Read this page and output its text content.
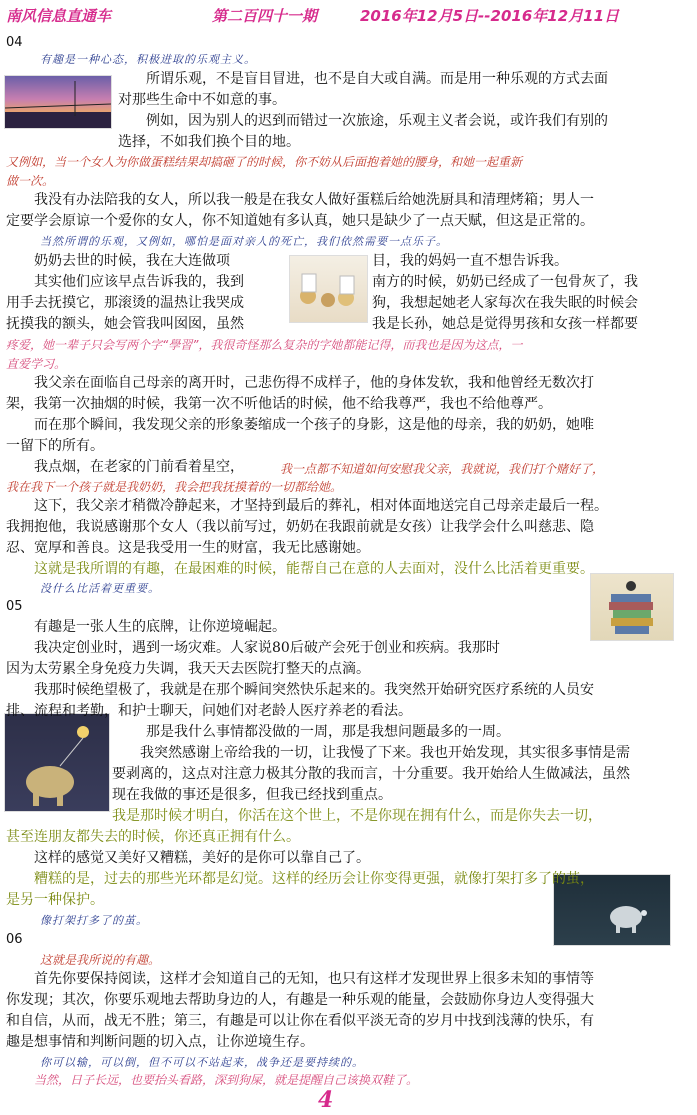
南风信息直通车	第二百四十一期	2016年12月5日--2016年12月11日
04
有趣是一种心态，积极进取的乐观主义。
所谓乐观，不是盲目冒进，也不是自大或自满。而是用一种乐观的方式去面
对那些生命中不如意的事。
例如，因为别人的迟到而错过一次旅途，乐观主义者会说，或许我们有别的
选择，不如我们换个目的地。
又例如，当一个女人为你做蛋糕结果却搞砸了的时候，你不妨从后面抱着她的腰身，和她一起重新
做一次。
我没有办法陪我的女人，所以我一般是在我女人做好蛋糕后给她洗厨具和清理烤箱；男人一
定要学会原谅一个爱你的女人，你不知道她有多认真，她只是缺少了一点天赋，但这是正常的。
当然所谓的乐观，又例如，哪怕是面对亲人的死亡，我们依然需要一点乐子。
奶奶去世的时候，我在大连做项	目，我的妈妈一直不想告诉我。
其实他们应该早点告诉我的，我到	南方的时候，奶奶已经成了一包骨灰了，我
用手去抚摸它，那滚烫的温热让我哭成	狗，我想起她老人家每次在我失眠的时候会
抚摸我的额头，她会管我叫囡囡，虽然	我是长孙，她总是觉得男孩和女孩一样都要
疼爱，她一辈子只会写两个字“學習”，我很奇怪那么复杂的字她都能记得，而我也是因为这点，一
直爱学习。
我父亲在面临自己母亲的离开时，己悲伤得不成样子，他的身体发软，我和他曾经无数次打
架，我第一次抽烟的时候，我第一次不听他话的时候，他不给我尊严，我也不给他尊严。
而在那个瞬间，我发现父亲的形象萎缩成一个孩子的身影，这是他的母亲，我的奶奶，她唯
一留下的所有。
我点烟，在老家的门前看着星空，	我一点都不知道如何安慰我父亲，我就说，我们打个赌好了，
我在我下一个孩子就是我奶奶，我会把我抚摸着的一切都给她。
这下，我父亲才稍微冷静起来，才坚持到最后的葬礼，相对体面地送完自己母亲走最后一程。
我拥抱他，我说感谢那个女人（我以前写过，奶奶在我跟前就是女孩）让我学会什么叫慈悲、隐
忍、宽厚和善良。这是我受用一生的财富，我无比感谢她。
这就是我所谓的有趣，在最困难的时候，能帮自己在意的人去面对，没什么比活着更重要。
没什么比活着更重要。
05
有趣是一张人生的底牌，让你逆境崛起。
我决定创业时，遇到一场灾难。人家说80后破产会死于创业和疾病。我那时
因为太劳累全身免疫力失调，我天天去医院打整天的点滴。
我那时候绝望极了，我就是在那个瞬间突然快乐起来的。我突然开始研究医疗系统的人员安
排、流程和考勤，和护士聊天，问她们对老龄人医疗养老的看法。
那是我什么事情都没做的一周，那是我想问题最多的一周。
我突然感谢上帝给我的一切，让我慢了下来。我也开始发现，其实很多事情是需
要剥离的，这点对注意力极其分散的我而言，十分重要。我开始给人生做减法，虽然
现在我做的事还是很多，但我已经找到重点。
我是那时候才明白，你活在这个世上，不是你现在拥有什么，而是你失去一切，
甚至连朋友都失去的时候，你还真正拥有什么。
这样的感觉又美好又糟糕，美好的是你可以靠自己了。
糟糕的是，过去的那些光环都是幻觉。这样的经历会让你变得更强，就像打架打多了的茧，
是另一种保护。
像打架打多了的茧。
06
这就是我所说的有趣。
首先你要保持阅读，这样才会知道自己的无知，也只有这样才发现世界上很多未知的事情等
你发现；其次，你要乐观地去帮助身边的人，有趣是一种乐观的能量，会鼓励你身边人变得强大
和自信，从而，战无不胜；第三，有趣是可以让你在看似平淡无奇的岁月中找到浅薄的快乐，有
趣是想事情和判断问题的切入点，让你逆境生存。
你可以输，可以倒，但不可以不站起来，战争还是要持续的。
当然，日子长远，也要抬头看路，深到狗屎，就是提醒自己该换双鞋了。
4
